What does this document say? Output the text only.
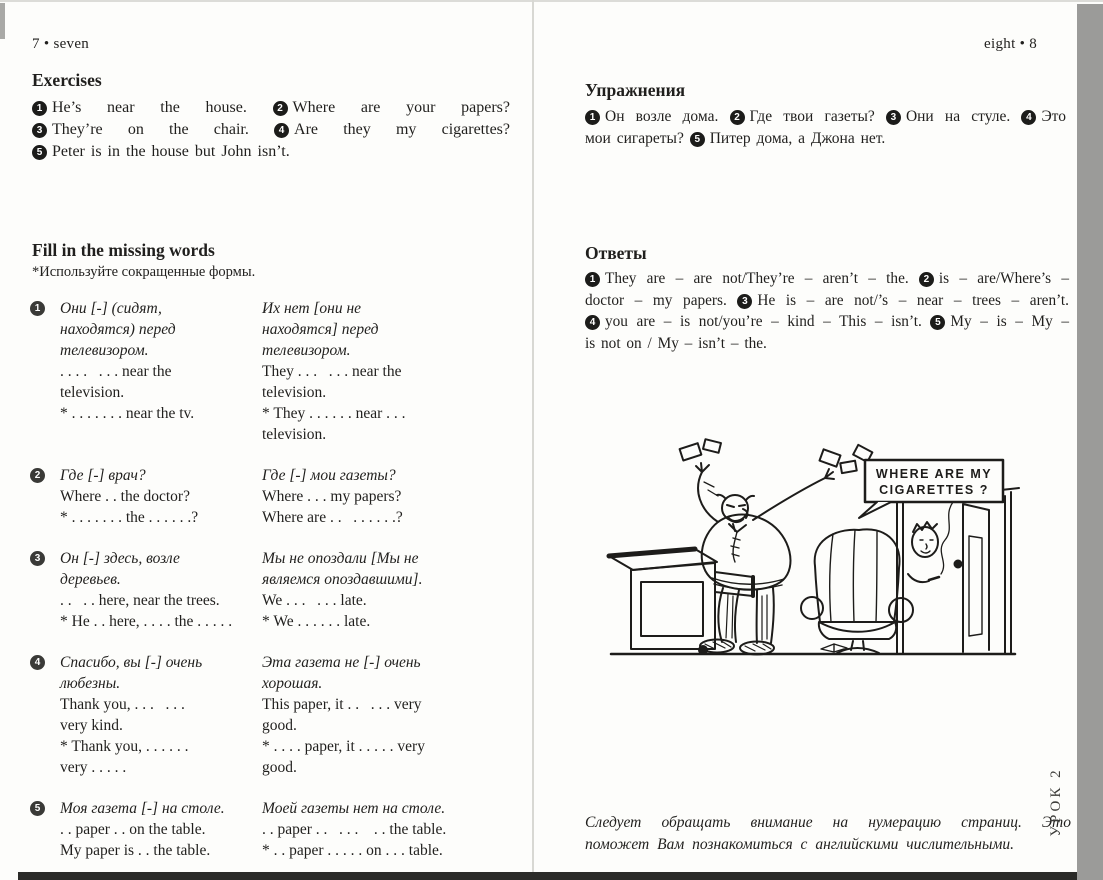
7 • seven
Exercises
1 He’s near the house. 2 Where are your papers?
3 They’re on the chair. 4 Are they my cigarettes?
5 Peter is in the house but John isn’t.
Fill in the missing words
*Используйте сокращенные формы.
1	Они [-] (сидят,
находятся) перед
телевизором.
. . . .   . . . near the
television.
* . . . . . . . near the tv.
Их нет [они не
находятся] перед
телевизором.
They . . .   . . . near the
television.
* They . . . . . . near . . .
television.
2	Где [-] врач?
Where . . the doctor?
* . . . . . . . the . . . . . .?
Где [-] мои газеты?
Where . . . my papers?
Where are . .   . . . . . .?
3	Он [-] здесь, возле
деревьев.
. .   . . here, near the trees.
* He . . here, . . . . the . . . . .
Мы не опоздали [Мы не
являемся опоздавшими].
We . . .   . . . late.
* We . . . . . . late.
4	Спасибо, вы [-] очень
любезны.
Thank you, . . .   . . .
very kind.
* Thank you, . . . . . .
very . . . . .
Эта газета не [-] очень
хорошая.
This paper, it . .   . . . very
good.
* . . . . paper, it . . . . . very
good.
5	Моя газета [-] на столе.
. . paper . . on the table.
My paper is . . the table.
Моей газеты нет на столе.
. . paper . .   . . .    . . the table.
* . . paper . . . . . on . . . table.
eight • 8
Упражнения
1 Он возле дома. 2 Где твои газеты? 3 Они на стуле. 4 Это
мои сигареты? 5 Питер дома, а Джона нет.
Ответы
1 They are – are not/They’re – aren’t – the. 2 is – are/Where’s –
doctor – my papers. 3 He is – are not/’s – near – trees – aren’t.
4 you are – is not/you’re – kind – This – isn’t. 5 My – is – My –
is not on / My – isn’t – the.
WHERE ARE MY
CIGARETTES ?
Следует обращать внимание на нумерацию страниц. Это
поможет Вам познакомиться с английскими числительными.
УРОК 2
